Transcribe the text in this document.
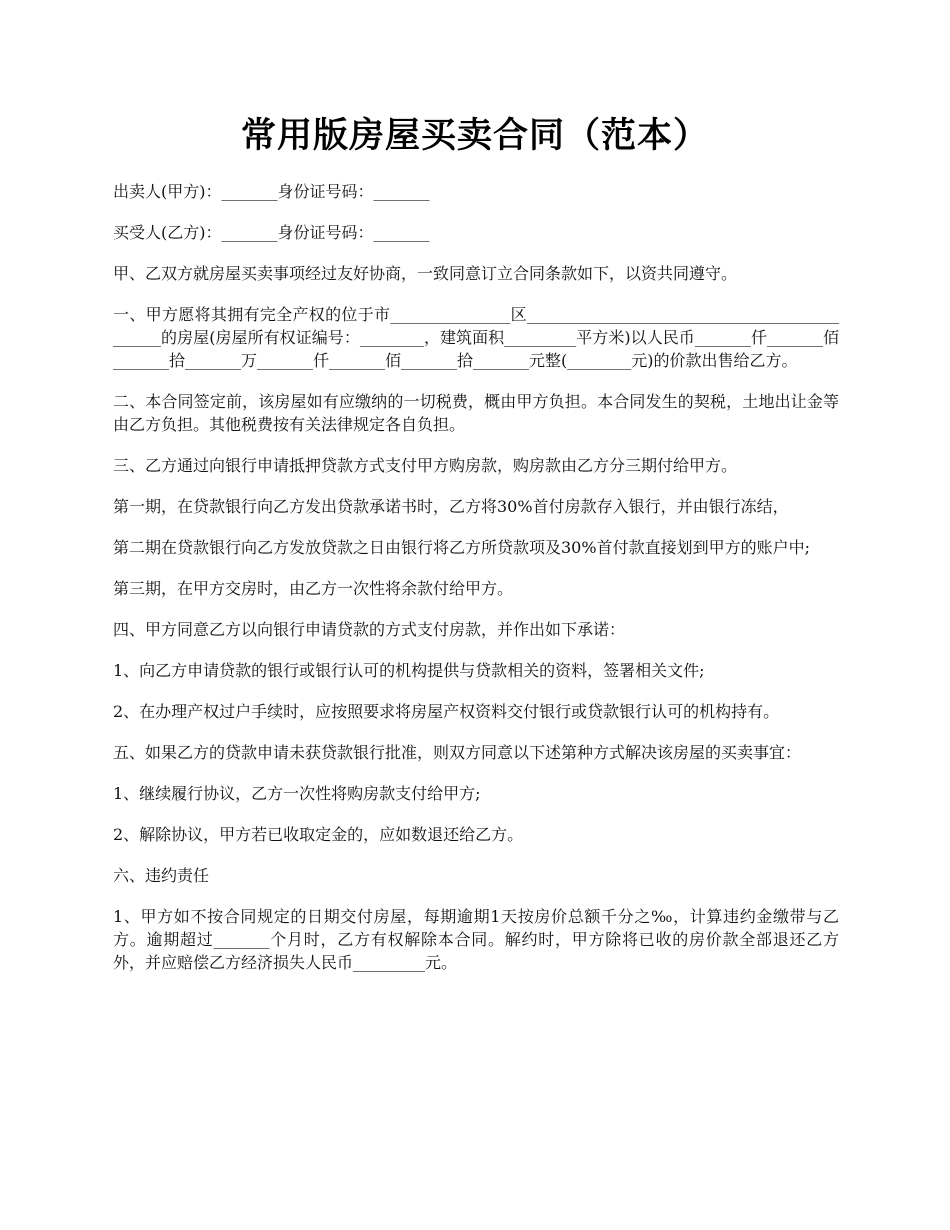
常用版房屋买卖合同（范本）

出卖人(甲方)：_______身份证号码：_______

买受人(乙方)：_______身份证号码：_______

甲、乙双方就房屋买卖事项经过友好协商，一致同意订立合同条款如下，以资共同遵守。

一、甲方愿将其拥有完全产权的位于市_______________区_____________________________________________的房屋(房屋所有权证编号：________，建筑面积_________平方米)以人民币_______仟_______佰_______拾_______万_______仟_______佰_______拾_______元整(________元)的价款出售给乙方。

二、本合同签定前，该房屋如有应缴纳的一切税费，概由甲方负担。本合同发生的契税，土地出让金等由乙方负担。其他税费按有关法律规定各自负担。

三、乙方通过向银行申请抵押贷款方式支付甲方购房款，购房款由乙方分三期付给甲方。

第一期，在贷款银行向乙方发出贷款承诺书时，乙方将30%首付房款存入银行，并由银行冻结，

第二期在贷款银行向乙方发放贷款之日由银行将乙方所贷款项及30%首付款直接划到甲方的账户中;

第三期，在甲方交房时，由乙方一次性将余款付给甲方。

四、甲方同意乙方以向银行申请贷款的方式支付房款，并作出如下承诺：

1、向乙方申请贷款的银行或银行认可的机构提供与贷款相关的资料，签署相关文件;

2、在办理产权过户手续时，应按照要求将房屋产权资料交付银行或贷款银行认可的机构持有。

五、如果乙方的贷款申请未获贷款银行批准，则双方同意以下述第种方式解决该房屋的买卖事宜：

1、继续履行协议，乙方一次性将购房款支付给甲方;

2、解除协议，甲方若已收取定金的，应如数退还给乙方。

六、违约责任

1、甲方如不按合同规定的日期交付房屋，每期逾期1天按房价总额千分之‰，计算违约金缴带与乙方。逾期超过_______个月时，乙方有权解除本合同。解约时，甲方除将已收的房价款全部退还乙方外，并应赔偿乙方经济损失人民币_________元。
